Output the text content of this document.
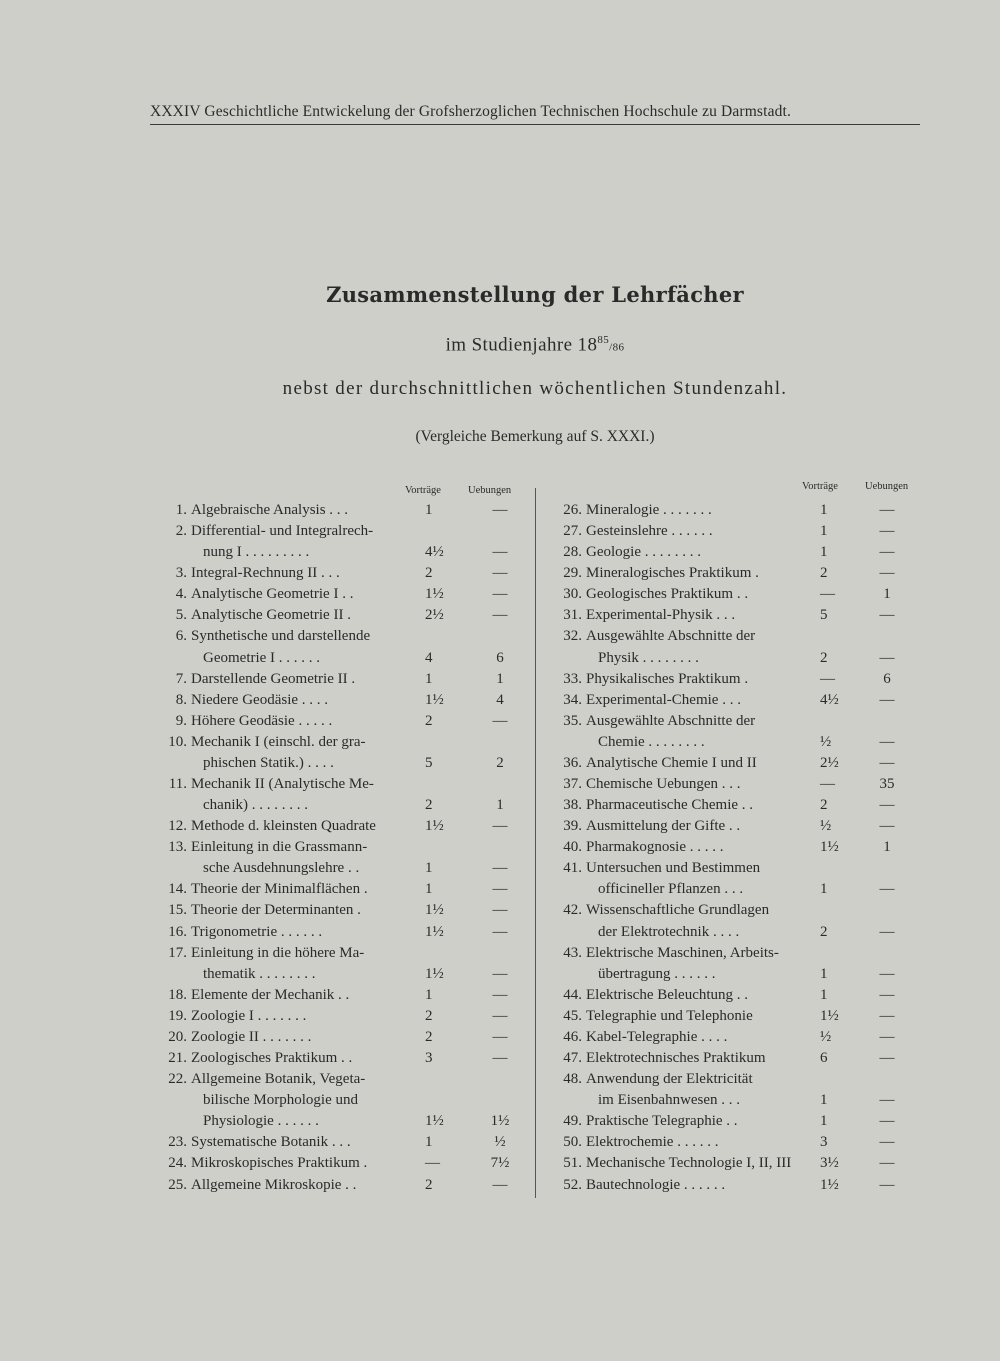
XXXIV Geschichtliche Entwickelung der Grofsherzoglichen Technischen Hochschule zu Darmstadt.
Zusammenstellung der Lehrfächer
im Studienjahre $18^{85}/86$
nebst der durchschnittlichen wöchentlichen Stundenzahl.
(Vergleiche Bemerkung auf S. XXXI.)
Vorträge	Uebungen	Vorträge	Uebungen
1. Algebraische Analysis . . .	1	—
2. Differential- und Integralrech-
nung I . . . . . . . . .	4½	—
3. Integral-Rechnung II . . .	2	—
4. Analytische Geometrie I . .	1½	—
5. Analytische Geometrie II .	2½	—
6. Synthetische und darstellende
Geometrie I . . . . . .	4	6
7. Darstellende Geometrie II .	1	1
8. Niedere Geodäsie . . . .	1½	4
9. Höhere Geodäsie . . . . .	2	—
10. Mechanik I (einschl. der gra-
phischen Statik.) . . . .	5	2
11. Mechanik II (Analytische Me-
chanik) . . . . . . . .	2	1
12. Methode d. kleinsten Quadrate	1½	—
13. Einleitung in die Grassmann-
sche Ausdehnungslehre . .	1	—
14. Theorie der Minimalflächen .	1	—
15. Theorie der Determinanten .	1½	—
16. Trigonometrie . . . . . .	1½	—
17. Einleitung in die höhere Ma-
thematik . . . . . . . .	1½	—
18. Elemente der Mechanik . .	1	—
19. Zoologie I . . . . . . .	2	—
20. Zoologie II . . . . . . .	2	—
21. Zoologisches Praktikum . .	3	—
22. Allgemeine Botanik, Vegeta-
bilische Morphologie und
Physiologie . . . . . .	1½	1½
23. Systematische Botanik . . .	1	½
24. Mikroskopisches Praktikum .	—	7½
25. Allgemeine Mikroskopie . .	2	—
26. Mineralogie . . . . . . .	1	—
27. Gesteinslehre . . . . . .	1	—
28. Geologie . . . . . . . .	1	—
29. Mineralogisches Praktikum .	2	—
30. Geologisches Praktikum . .	—	1
31. Experimental-Physik . . .	5	—
32. Ausgewählte Abschnitte der
Physik . . . . . . . .	2	—
33. Physikalisches Praktikum .	—	6
34. Experimental-Chemie . . .	4½	—
35. Ausgewählte Abschnitte der
Chemie . . . . . . . .	½	—
36. Analytische Chemie I und II	2½	—
37. Chemische Uebungen . . .	—	35
38. Pharmaceutische Chemie . .	2	—
39. Ausmittelung der Gifte . .	½	—
40. Pharmakognosie . . . . .	1½	1
41. Untersuchen und Bestimmen
officineller Pflanzen . . .	1	—
42. Wissenschaftliche Grundlagen
der Elektrotechnik . . . .	2	—
43. Elektrische Maschinen, Arbeits-
übertragung . . . . . .	1	—
44. Elektrische Beleuchtung . .	1	—
45. Telegraphie und Telephonie	1½	—
46. Kabel-Telegraphie . . . .	½	—
47. Elektrotechnisches Praktikum	6	—
48. Anwendung der Elektricität
im Eisenbahnwesen . . .	1	—
49. Praktische Telegraphie . .	1	—
50. Elektrochemie . . . . . .	3	—
51. Mechanische Technologie I, II, III 3½	—
52. Bautechnologie . . . . . .	1½	—
